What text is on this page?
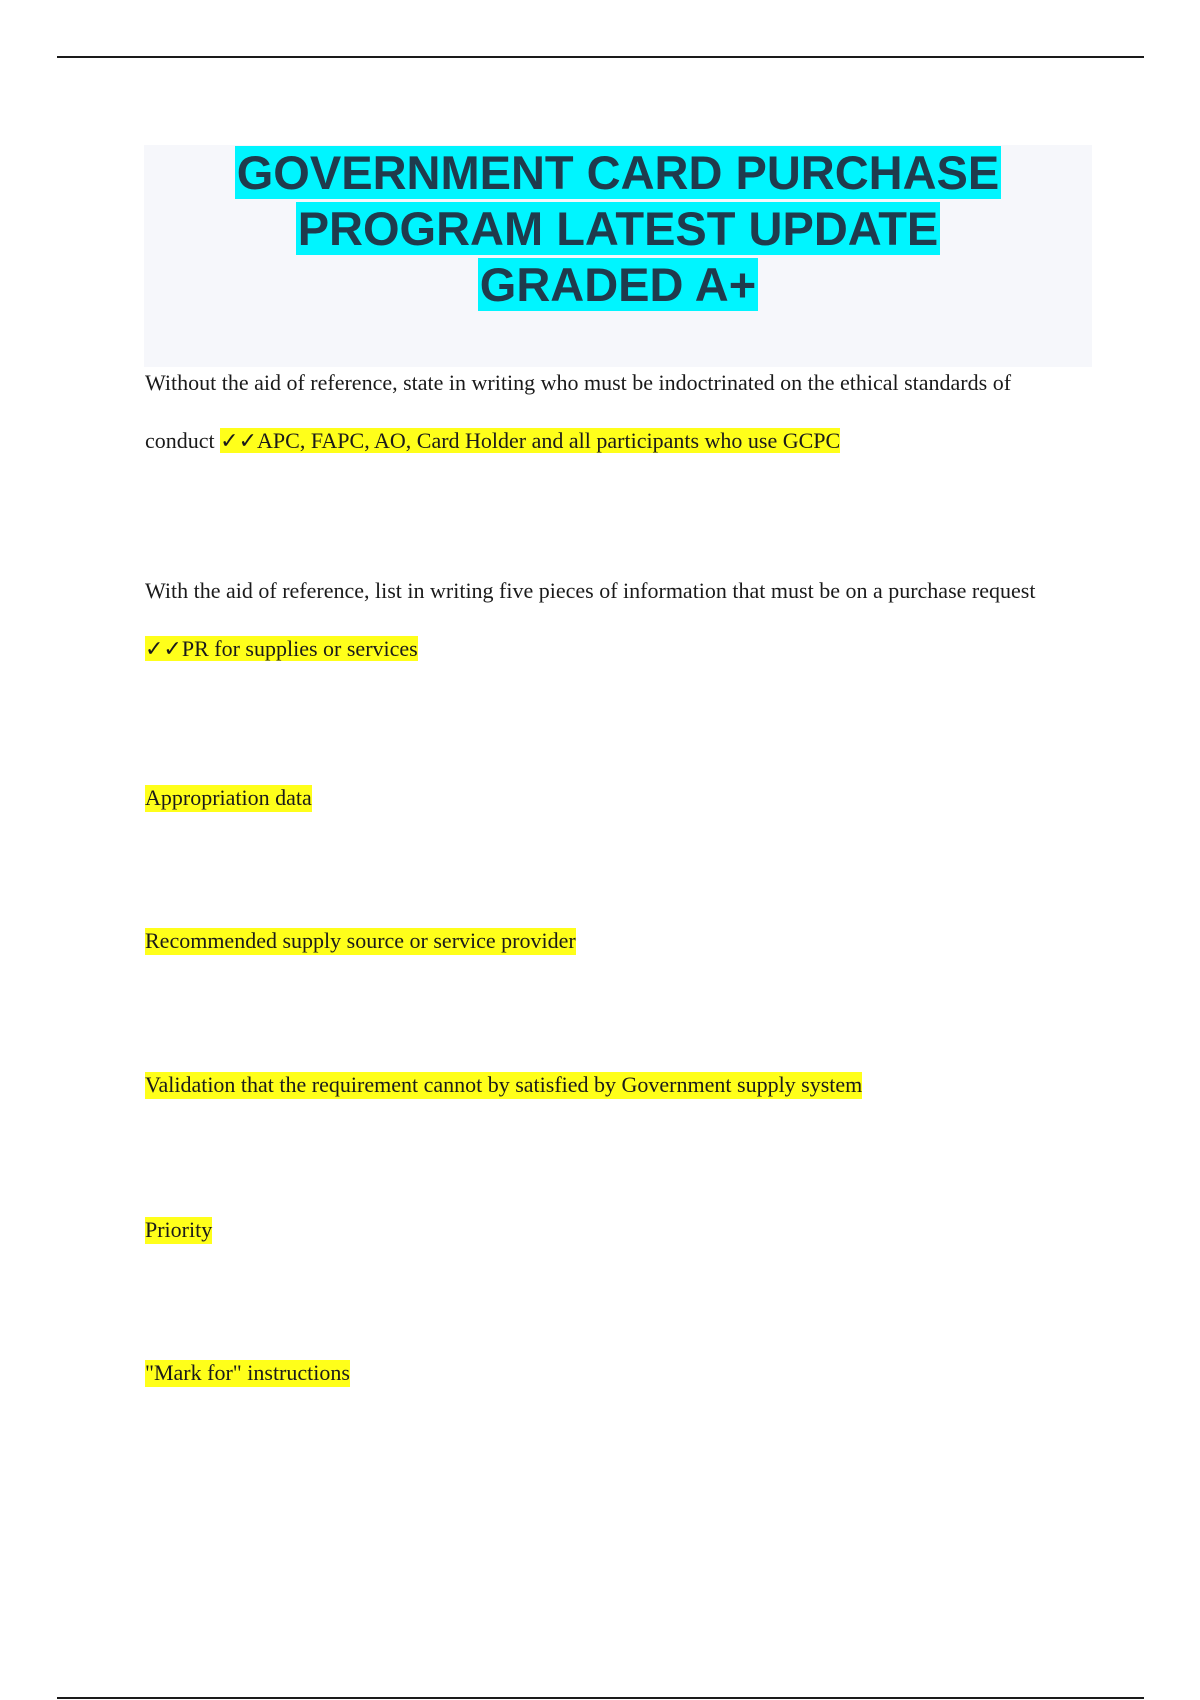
GOVERNMENT CARD PURCHASE
PROGRAM LATEST UPDATE
GRADED A+

Without the aid of reference, state in writing who must be indoctrinated on the ethical standards of conduct ✓✓APC, FAPC, AO, Card Holder and all participants who use GCPC

With the aid of reference, list in writing five pieces of information that must be on a purchase request ✓✓PR for supplies or services

Appropriation data

Recommended supply source or service provider

Validation that the requirement cannot by satisfied by Government supply system

Priority

"Mark for" instructions
